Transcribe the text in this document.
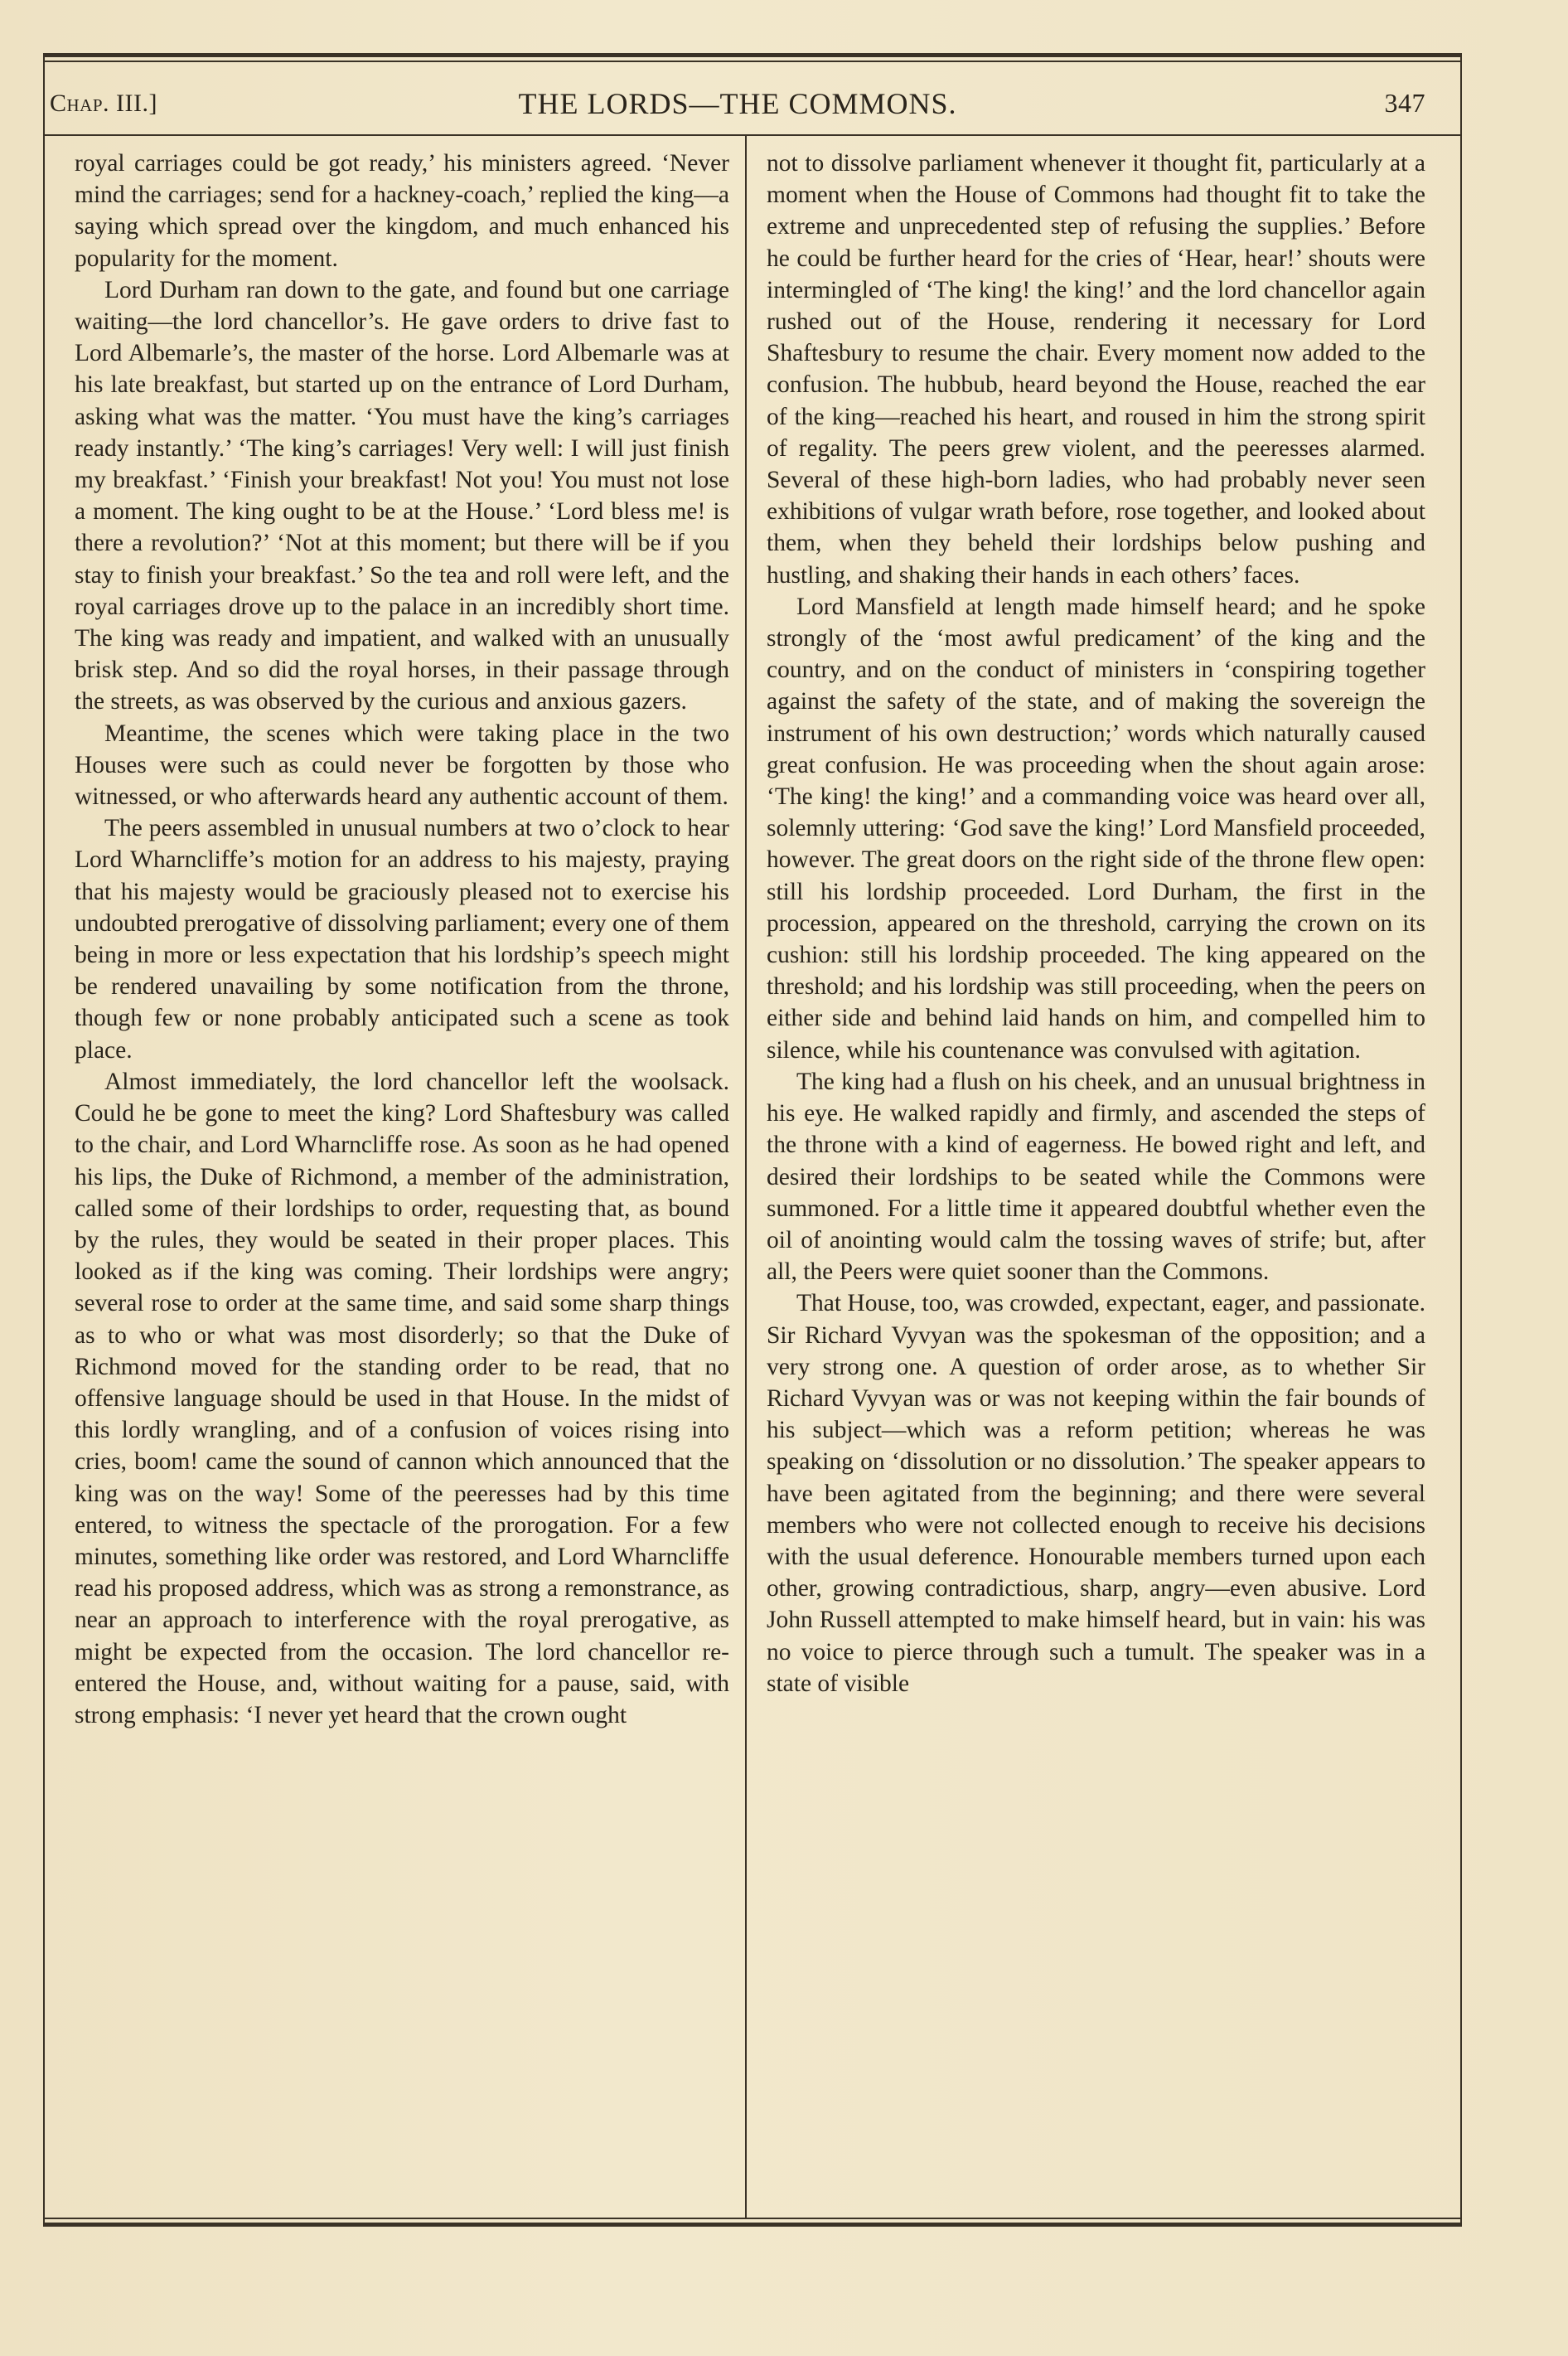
Chap. III.]	THE LORDS—THE COMMONS.	347

royal carriages could be got ready,’ his ministers agreed. ‘Never mind the carriages; send for a hackney-coach,’ replied the king—a saying which spread over the kingdom, and much enhanced his popularity for the moment.

Lord Durham ran down to the gate, and found but one carriage waiting—the lord chancellor’s. He gave orders to drive fast to Lord Albemarle’s, the master of the horse. Lord Albemarle was at his late breakfast, but started up on the entrance of Lord Durham, asking what was the matter. ‘You must have the king’s carriages ready instantly.’ ‘The king’s carriages! Very well: I will just finish my breakfast.’ ‘Finish your breakfast! Not you! You must not lose a moment. The king ought to be at the House.’ ‘Lord bless me! is there a revolution?’ ‘Not at this moment; but there will be if you stay to finish your breakfast.’ So the tea and roll were left, and the royal carriages drove up to the palace in an incredibly short time. The king was ready and impatient, and walked with an unusually brisk step. And so did the royal horses, in their passage through the streets, as was observed by the curious and anxious gazers.

Meantime, the scenes which were taking place in the two Houses were such as could never be forgotten by those who witnessed, or who afterwards heard any authentic account of them.

The peers assembled in unusual numbers at two o’clock to hear Lord Wharncliffe’s motion for an address to his majesty, praying that his majesty would be graciously pleased not to exercise his undoubted prerogative of dissolving parliament; every one of them being in more or less expectation that his lordship’s speech might be rendered unavailing by some notification from the throne, though few or none probably anticipated such a scene as took place.

Almost immediately, the lord chancellor left the woolsack. Could he be gone to meet the king? Lord Shaftesbury was called to the chair, and Lord Wharncliffe rose. As soon as he had opened his lips, the Duke of Richmond, a member of the administration, called some of their lordships to order, requesting that, as bound by the rules, they would be seated in their proper places. This looked as if the king was coming. Their lordships were angry; several rose to order at the same time, and said some sharp things as to who or what was most disorderly; so that the Duke of Richmond moved for the standing order to be read, that no offensive language should be used in that House. In the midst of this lordly wrangling, and of a confusion of voices rising into cries, boom! came the sound of cannon which announced that the king was on the way! Some of the peeresses had by this time entered, to witness the spectacle of the prorogation. For a few minutes, something like order was restored, and Lord Wharncliffe read his proposed address, which was as strong a remonstrance, as near an approach to interference with the royal prerogative, as might be expected from the occasion. The lord chancellor re-entered the House, and, without waiting for a pause, said, with strong emphasis: ‘I never yet heard that the crown ought

not to dissolve parliament whenever it thought fit, particularly at a moment when the House of Commons had thought fit to take the extreme and unprecedented step of refusing the supplies.’ Before he could be further heard for the cries of ‘Hear, hear!’ shouts were intermingled of ‘The king! the king!’ and the lord chancellor again rushed out of the House, rendering it necessary for Lord Shaftesbury to resume the chair. Every moment now added to the confusion. The hubbub, heard beyond the House, reached the ear of the king—reached his heart, and roused in him the strong spirit of regality. The peers grew violent, and the peeresses alarmed. Several of these high-born ladies, who had probably never seen exhibitions of vulgar wrath before, rose together, and looked about them, when they beheld their lordships below pushing and hustling, and shaking their hands in each others’ faces.

Lord Mansfield at length made himself heard; and he spoke strongly of the ‘most awful predicament’ of the king and the country, and on the conduct of ministers in ‘conspiring together against the safety of the state, and of making the sovereign the instrument of his own destruction;’ words which naturally caused great confusion. He was proceeding when the shout again arose: ‘The king! the king!’ and a commanding voice was heard over all, solemnly uttering: ‘God save the king!’ Lord Mansfield proceeded, however. The great doors on the right side of the throne flew open: still his lordship proceeded. Lord Durham, the first in the procession, appeared on the threshold, carrying the crown on its cushion: still his lordship proceeded. The king appeared on the threshold; and his lordship was still proceeding, when the peers on either side and behind laid hands on him, and compelled him to silence, while his countenance was convulsed with agitation.

The king had a flush on his cheek, and an unusual brightness in his eye. He walked rapidly and firmly, and ascended the steps of the throne with a kind of eagerness. He bowed right and left, and desired their lordships to be seated while the Commons were summoned. For a little time it appeared doubtful whether even the oil of anointing would calm the tossing waves of strife; but, after all, the Peers were quiet sooner than the Commons.

That House, too, was crowded, expectant, eager, and passionate. Sir Richard Vyvyan was the spokesman of the opposition; and a very strong one. A question of order arose, as to whether Sir Richard Vyvyan was or was not keeping within the fair bounds of his subject—which was a reform petition; whereas he was speaking on ‘dissolution or no dissolution.’ The speaker appears to have been agitated from the beginning; and there were several members who were not collected enough to receive his decisions with the usual deference. Honourable members turned upon each other, growing contradictious, sharp, angry—even abusive. Lord John Russell attempted to make himself heard, but in vain: his was no voice to pierce through such a tumult. The speaker was in a state of visible
